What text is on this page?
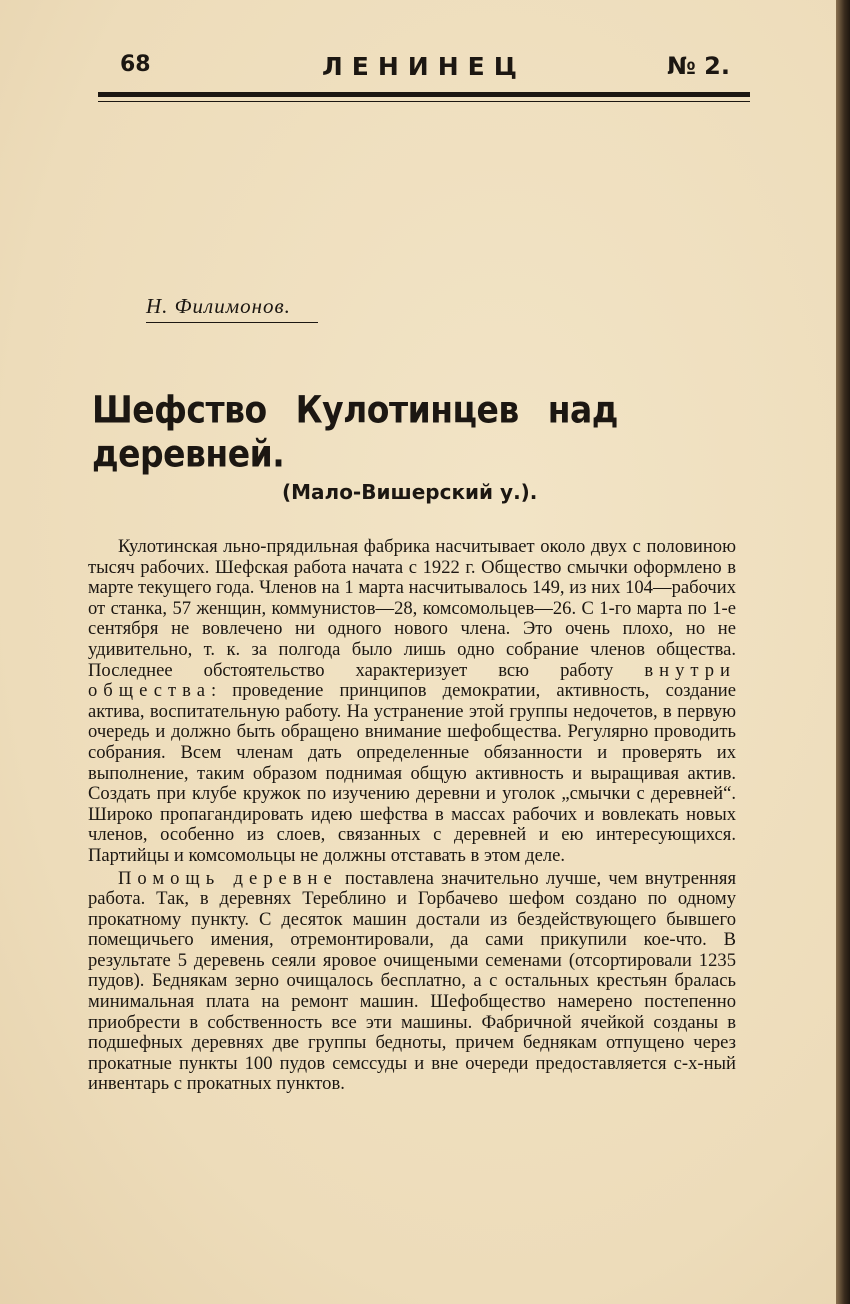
68	ЛЕНИНЕЦ	№ 2.
Н. Филимонов.
Шефство Кулотинцев над деревней.
(Мало-Вишерский у.).

Кулотинская льно-прядильная фабрика насчитывает около двух с половиною тысяч рабочих. Шефская работа начата с 1922 г. Общество смычки оформлено в марте текущего года. Членов на 1 марта насчитывалось 149, из них 104—рабочих от станка, 57 женщин, коммунистов—28, комсомольцев—26. С 1-го марта по 1-е сентября не вовлечено ни одного нового члена. Это очень плохо, но не удивительно, т. к. за полгода было лишь одно собрание членов общества. Последнее обстоятельство характеризует всю работу внутри общества: проведение принципов демократии, активность, создание актива, воспитательную работу. На устранение этой группы недочетов, в первую очередь и должно быть обращено внимание шефобщества. Регулярно проводить собрания. Всем членам дать определенные обязанности и проверять их выполнение, таким образом поднимая общую активность и выращивая актив. Создать при клубе кружок по изучению деревни и уголок „смычки с деревней“. Широко пропагандировать идею шефства в массах рабочих и вовлекать новых членов, особенно из слоев, связанных с деревней и ею интересующихся. Партийцы и комсомольцы не должны отставать в этом деле.

Помощь деревне поставлена значительно лучше, чем внутренняя работа. Так, в деревнях Тереблино и Горбачево шефом создано по одному прокатному пункту. С десяток машин достали из бездействующего бывшего помещичьего имения, отремонтировали, да сами прикупили кое-что. В результате 5 деревень сеяли яровое очищеными семенами (отсортировали 1235 пудов). Беднякам зерно очищалось бесплатно, а с остальных крестьян бралась минимальная плата на ремонт машин. Шефобщество намерено постепенно приобрести в собственность все эти машины. Фабричной ячейкой созданы в подшефных деревнях две группы бедноты, причем беднякам отпущено через прокатные пункты 100 пудов семссуды и вне очереди предоставляется с-х-ный инвентарь с прокатных пунктов.
